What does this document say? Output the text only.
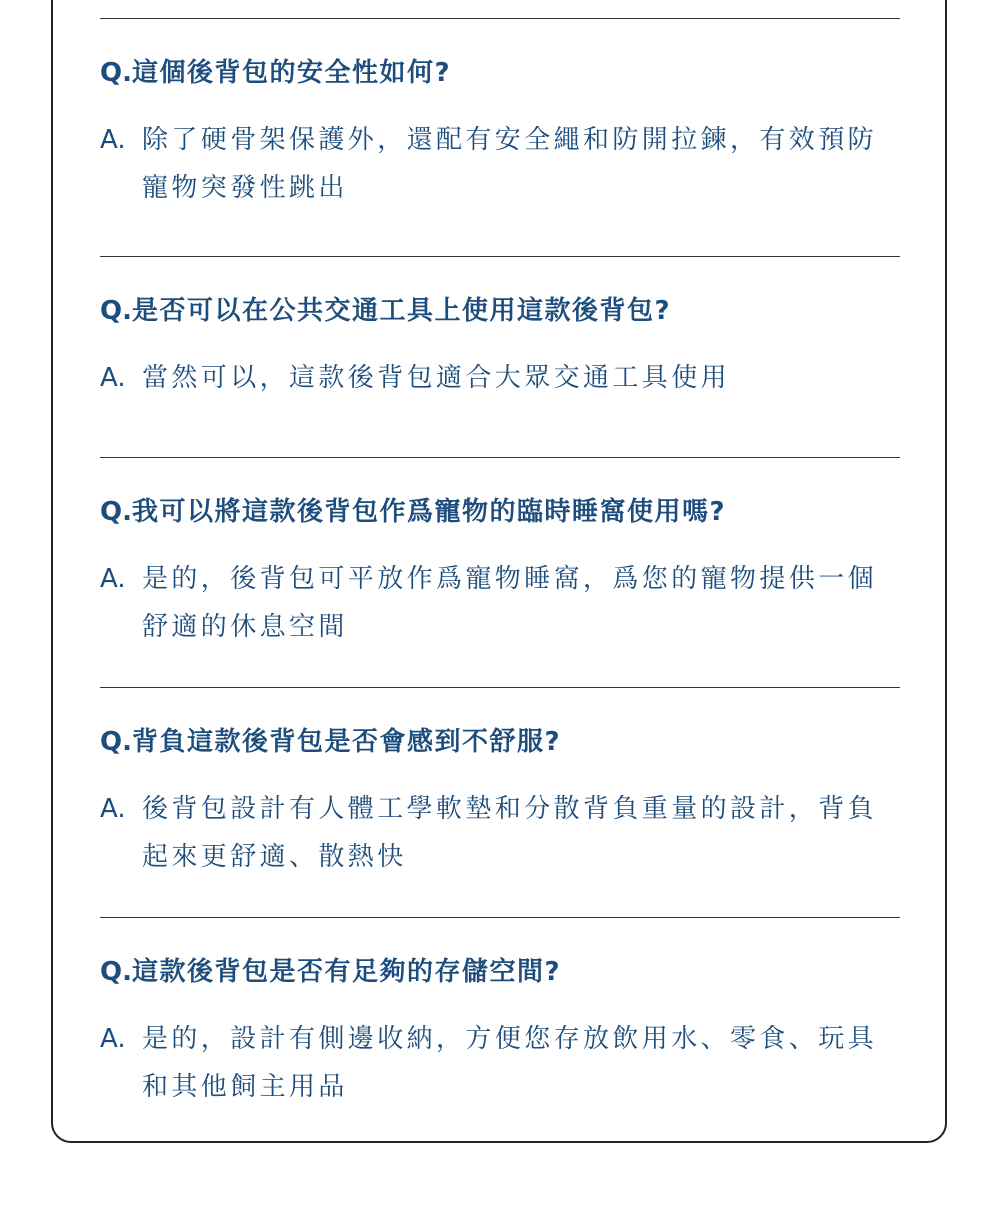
Q.這個後背包的安全性如何?

A. 除了硬骨架保護外，還配有安全繩和防開拉鍊，有效預防寵物突發性跳出

Q.是否可以在公共交通工具上使用這款後背包?

A. 當然可以，這款後背包適合大眾交通工具使用

Q.我可以將這款後背包作爲寵物的臨時睡窩使用嗎?

A. 是的，後背包可平放作爲寵物睡窩，爲您的寵物提供一個舒適的休息空間

Q.背負這款後背包是否會感到不舒服?

A. 後背包設計有人體工學軟墊和分散背負重量的設計，背負起來更舒適、散熱快

Q.這款後背包是否有足夠的存儲空間?

A. 是的，設計有側邊收納，方便您存放飲用水、零食、玩具和其他飼主用品
